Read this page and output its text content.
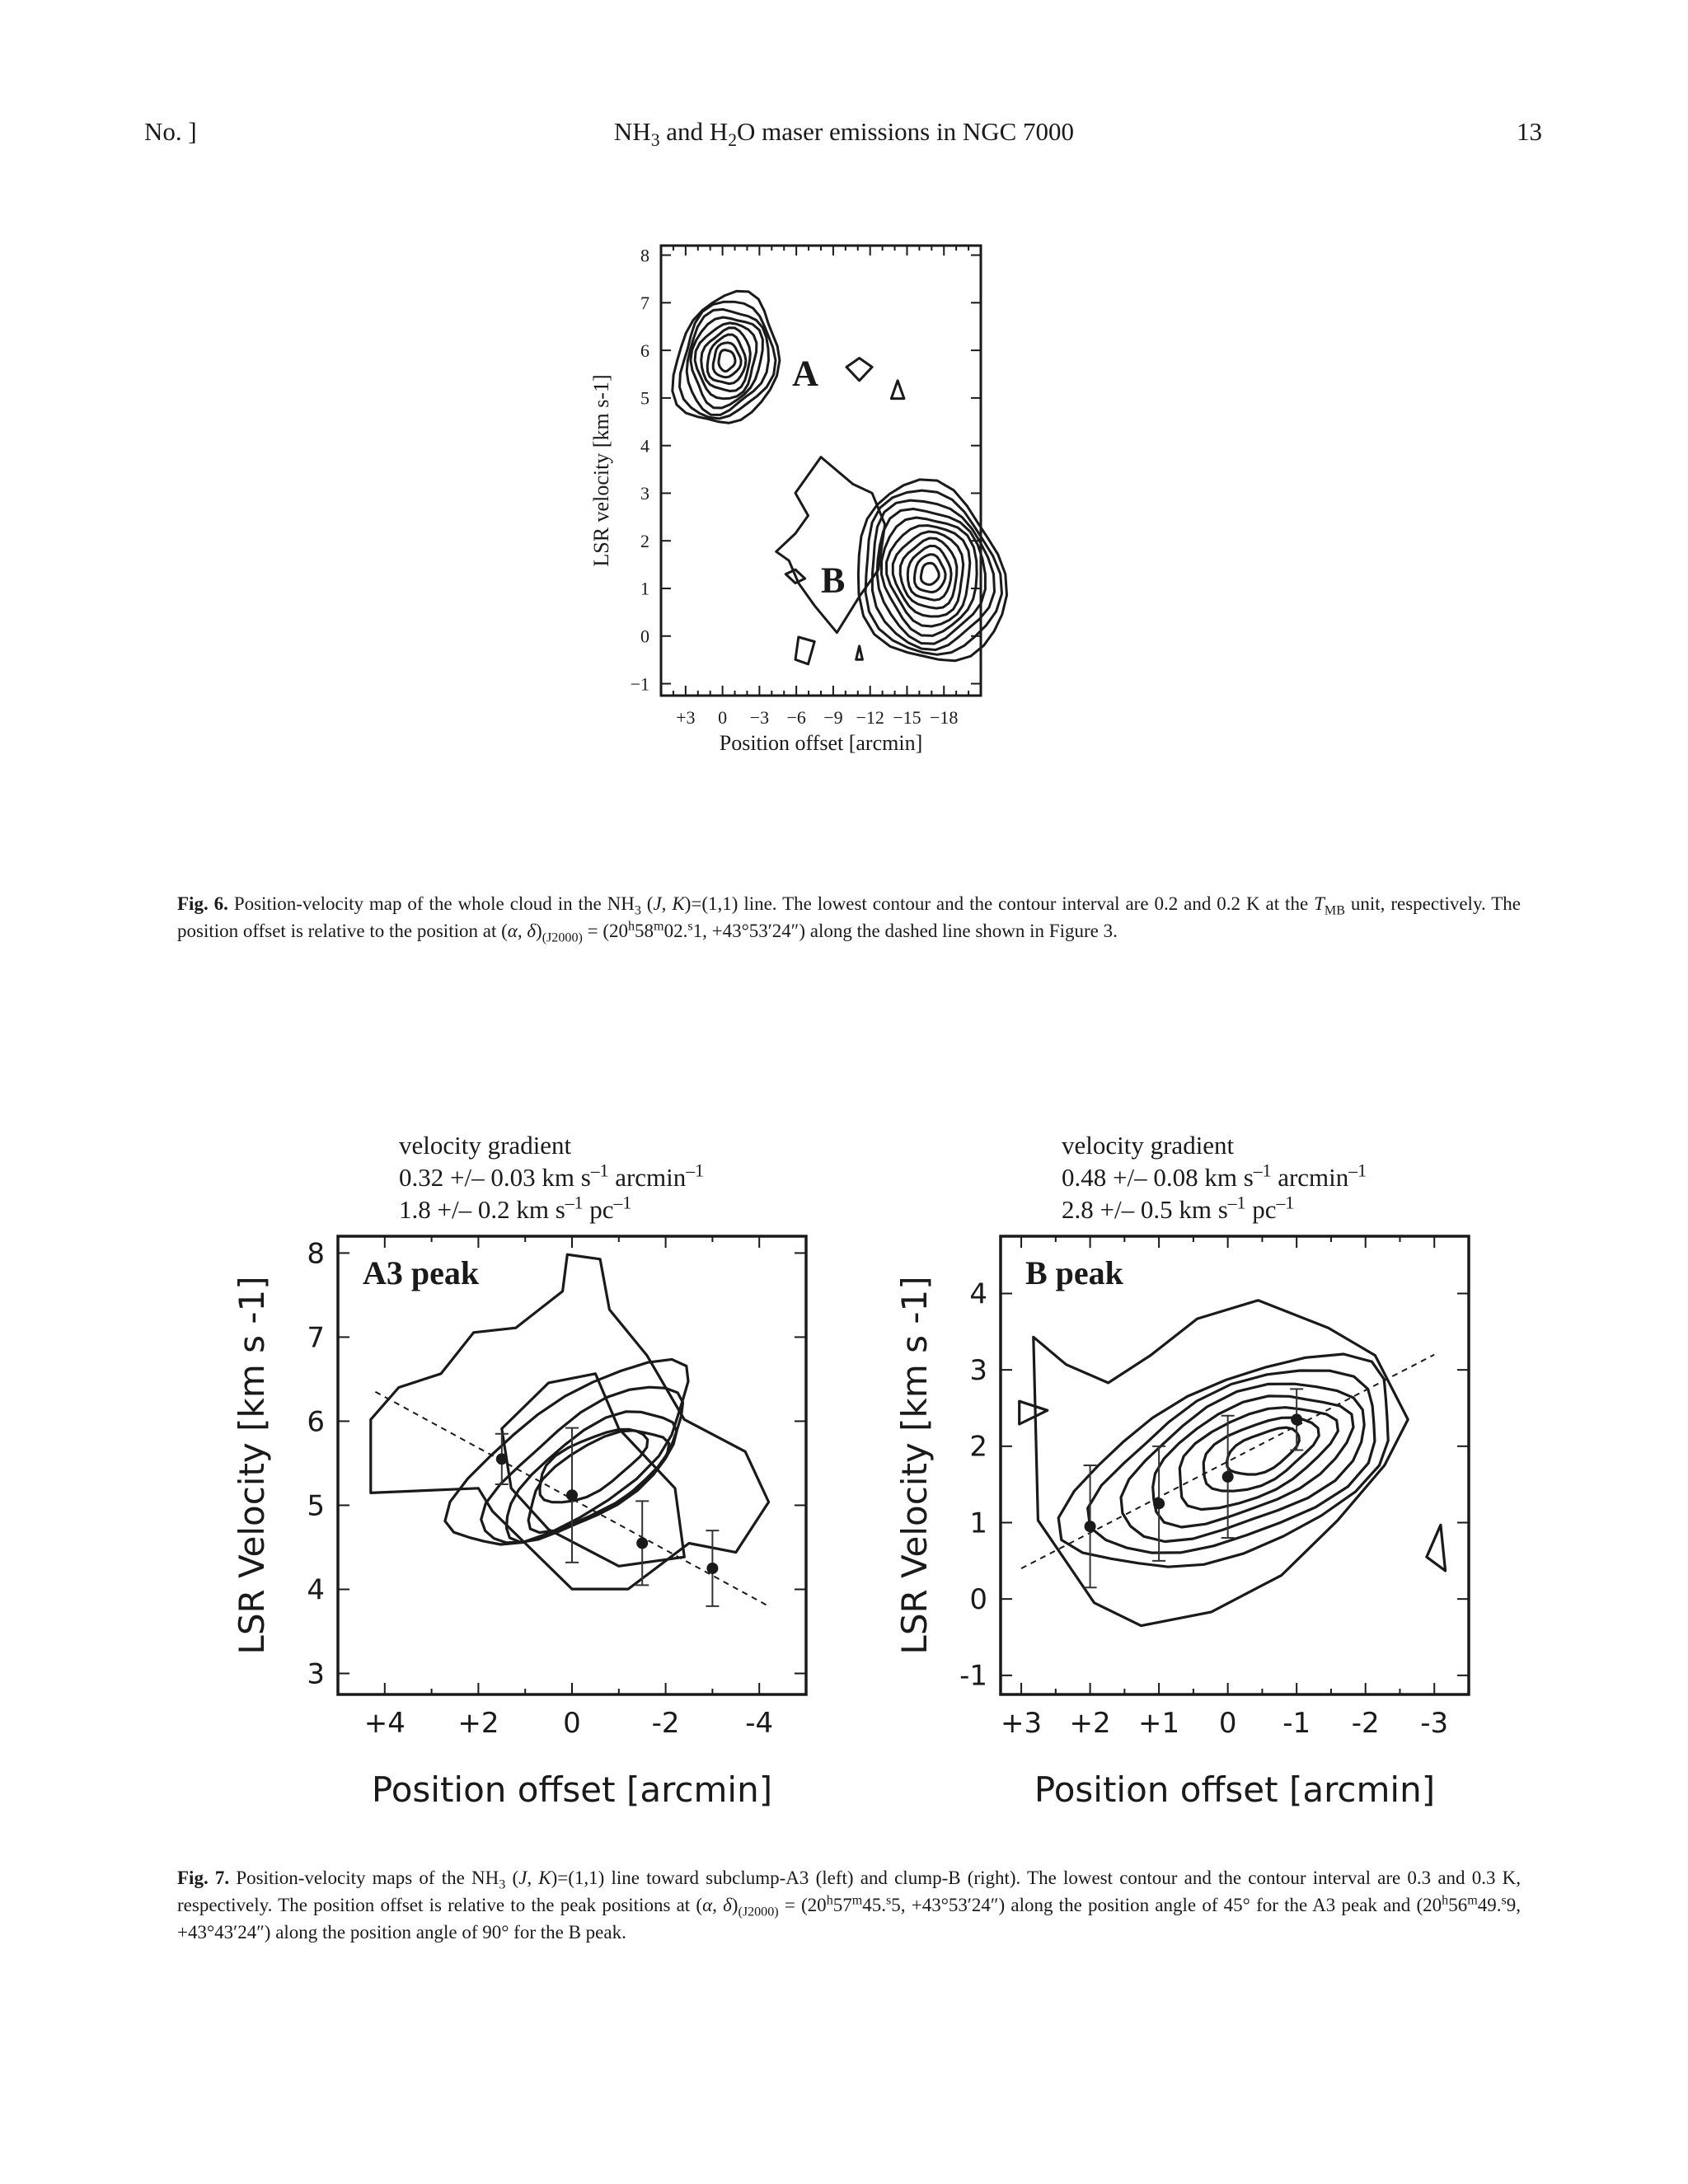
No. ]	$NH_3$ and $H_2O$ maser emissions in NGC 7000	13
+3 0 −3 −6 −9 −12 −15 −18
−1
0
1
2
3
4
5
6
7
8
Position offset [arcmin]
LSR velocity [km s-1]
A
B
Fig. 6. Position-velocity map of the whole cloud in the $NH_3$ (J, K)=(1,1) line. The lowest contour and the contour interval are 0.2 and 0.2 K at the $T_{MB}$ unit, respectively. The position offset is relative to the position at (α, $\delta)_{(J2000)} = (20^h58^m02.^s1$, +43°53′24″) along the dashed line shown in Figure 3.
velocity gradient
0.32 +/– 0.03 km $s^{-1}$ arcmin$^{-1}$
1.8 +/– 0.2 km $s^{-1}$ $pc^{-1}$
velocity gradient
0.48 +/– 0.08 km $s^{-1}$ arcmin$^{-1}$
2.8 +/– 0.5 km $s^{-1}$ $pc^{-1}$
+4 +2 0	-2 -4
3
4
5
6
7
8
Position offset [arcmin]
LSR Velocity [km s -1]
A3 peak
+3 +2 +1 0 -1 -2 -3
-1
0
1
2
3
4
Position offset [arcmin]
LSR Velocity [km s -1]
B peak
Fig. 7. Position-velocity maps of the $NH_3$ (J, K)=(1,1) line toward subclump-A3 (left) and clump-B (right). The lowest contour and the contour interval are 0.3 and 0.3 K, respectively. The position offset is relative to the peak positions at (α, $\delta)_{(J2000)} = (20^h57^m45.^s5$, +43°53′24″) along the position angle of 45° for the A3 peak and ($20^h56^m49.^s9$, +43°43′24″) along the position angle of 90° for the B peak.
